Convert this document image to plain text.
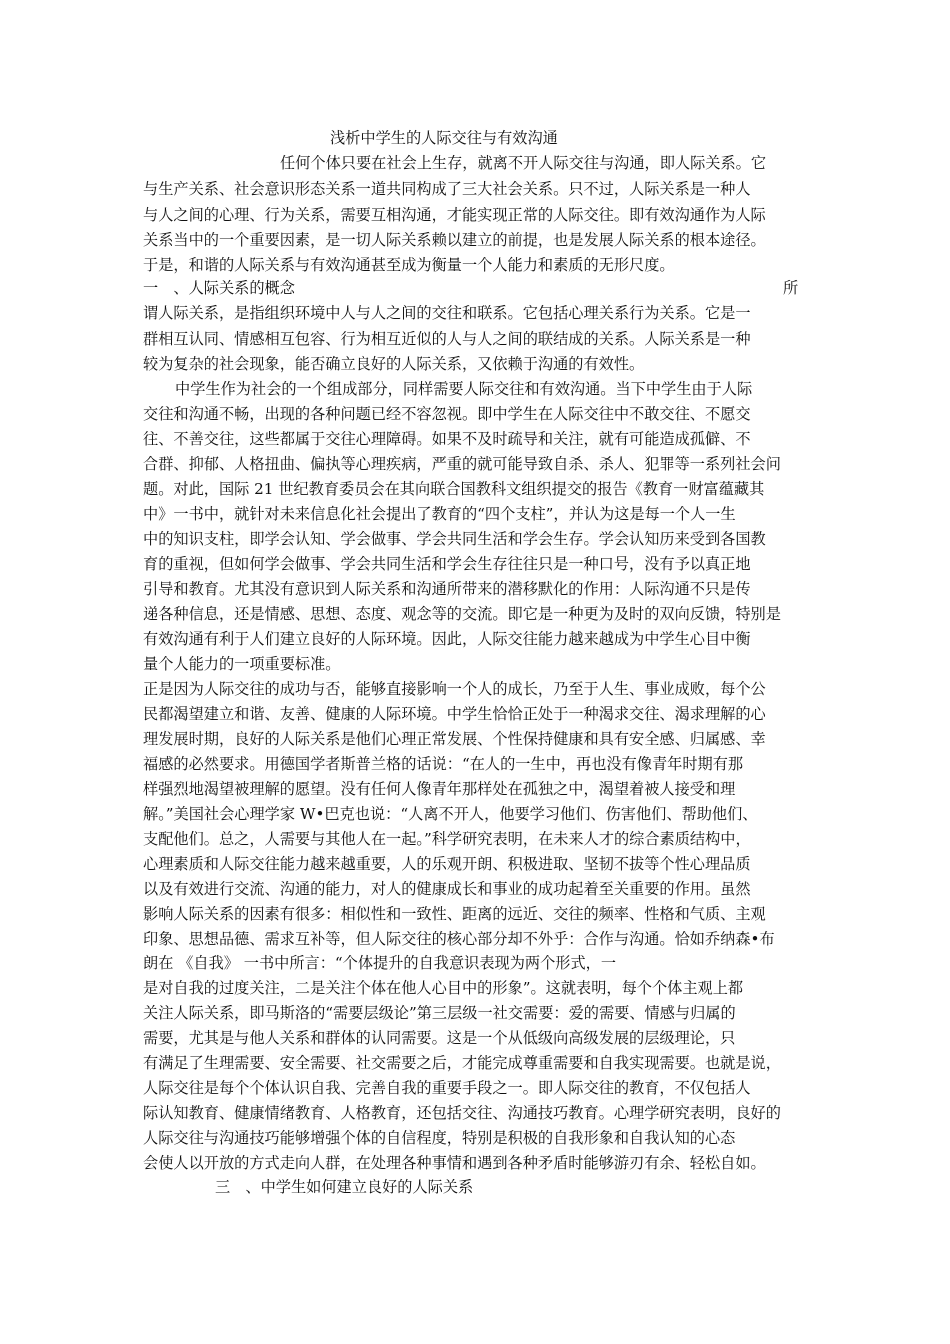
浅析中学生的人际交往与有效沟通
任何个体只要在社会上生存，就离不开人际交往与沟通，即人际关系。它
与生产关系、社会意识形态关系一道共同构成了三大社会关系。只不过，人际关系是一种人
与人之间的心理、行为关系，需要互相沟通，才能实现正常的人际交往。即有效沟通作为人际
关系当中的一个重要因素，是一切人际关系赖以建立的前提，也是发展人际关系的根本途径。
于是，和谐的人际关系与有效沟通甚至成为衡量一个人能力和素质的无形尺度。
一　、人际关系的概念	所
谓人际关系，是指组织环境中人与人之间的交往和联系。它包括心理关系行为关系。它是一
群相互认同、情感相互包容、行为相互近似的人与人之间的联结成的关系。人际关系是一种
较为复杂的社会现象，能否确立良好的人际关系，又依赖于沟通的有效性。
中学生作为社会的一个组成部分，同样需要人际交往和有效沟通。当下中学生由于人际
交往和沟通不畅，出现的各种问题已经不容忽视。即中学生在人际交往中不敢交往、不愿交
往、不善交往，这些都属于交往心理障碍。如果不及时疏导和关注，就有可能造成孤僻、不
合群、抑郁、人格扭曲、偏执等心理疾病，严重的就可能导致自杀、杀人、犯罪等一系列社会问
题。对此，国际 21 世纪教育委员会在其向联合国教科文组织提交的报告《教育一财富蕴藏其
中》一书中，就针对未来信息化社会提出了教育的“四个支柱”，并认为这是每一个人一生
中的知识支柱，即学会认知、学会做事、学会共同生活和学会生存。学会认知历来受到各国教
育的重视，但如何学会做事、学会共同生活和学会生存往往只是一种口号，没有予以真正地
引导和教育。尤其没有意识到人际关系和沟通所带来的潜移默化的作用：人际沟通不只是传
递各种信息，还是情感、思想、态度、观念等的交流。即它是一种更为及时的双向反馈，特别是
有效沟通有利于人们建立良好的人际环境。因此，人际交往能力越来越成为中学生心目中衡
量个人能力的一项重要标准。
正是因为人际交往的成功与否，能够直接影响一个人的成长，乃至于人生、事业成败，每个公
民都渴望建立和谐、友善、健康的人际环境。中学生恰恰正处于一种渴求交往、渴求理解的心
理发展时期，良好的人际关系是他们心理正常发展、个性保持健康和具有安全感、归属感、幸
福感的必然要求。用德国学者斯普兰格的话说：“在人的一生中，再也没有像青年时期有那
样强烈地渴望被理解的愿望。没有任何人像青年那样处在孤独之中，渴望着被人接受和理
解。”美国社会心理学家 W•巴克也说：“人离不开人，他要学习他们、伤害他们、帮助他们、
支配他们。总之，人需要与其他人在一起。”科学研究表明，在未来人才的综合素质结构中，
心理素质和人际交往能力越来越重要，人的乐观开朗、积极进取、坚韧不拔等个性心理品质
以及有效进行交流、沟通的能力，对人的健康成长和事业的成功起着至关重要的作用。虽然
影响人际关系的因素有很多：相似性和一致性、距离的远近、交往的频率、性格和气质、主观
印象、思想品德、需求互补等，但人际交往的核心部分却不外乎：合作与沟通。恰如乔纳森•布
朗在 《自我》 一书中所言：“个体提升的自我意识表现为两个形式，一
是对自我的过度关注，二是关注个体在他人心目中的形象”。这就表明，每个个体主观上都
关注人际关系，即马斯洛的“需要层级论”第三层级一社交需要：爱的需要、情感与归属的
需要，尤其是与他人关系和群体的认同需要。这是一个从低级向高级发展的层级理论，只
有满足了生理需要、安全需要、社交需要之后，才能完成尊重需要和自我实现需要。也就是说，
人际交往是每个个体认识自我、完善自我的重要手段之一。即人际交往的教育，不仅包括人
际认知教育、健康情绪教育、人格教育，还包括交往、沟通技巧教育。心理学研究表明，良好的
人际交往与沟通技巧能够增强个体的自信程度，特别是积极的自我形象和自我认知的心态
会使人以开放的方式走向人群，在处理各种事情和遇到各种矛盾时能够游刃有余、轻松自如。
三　、中学生如何建立良好的人际关系
